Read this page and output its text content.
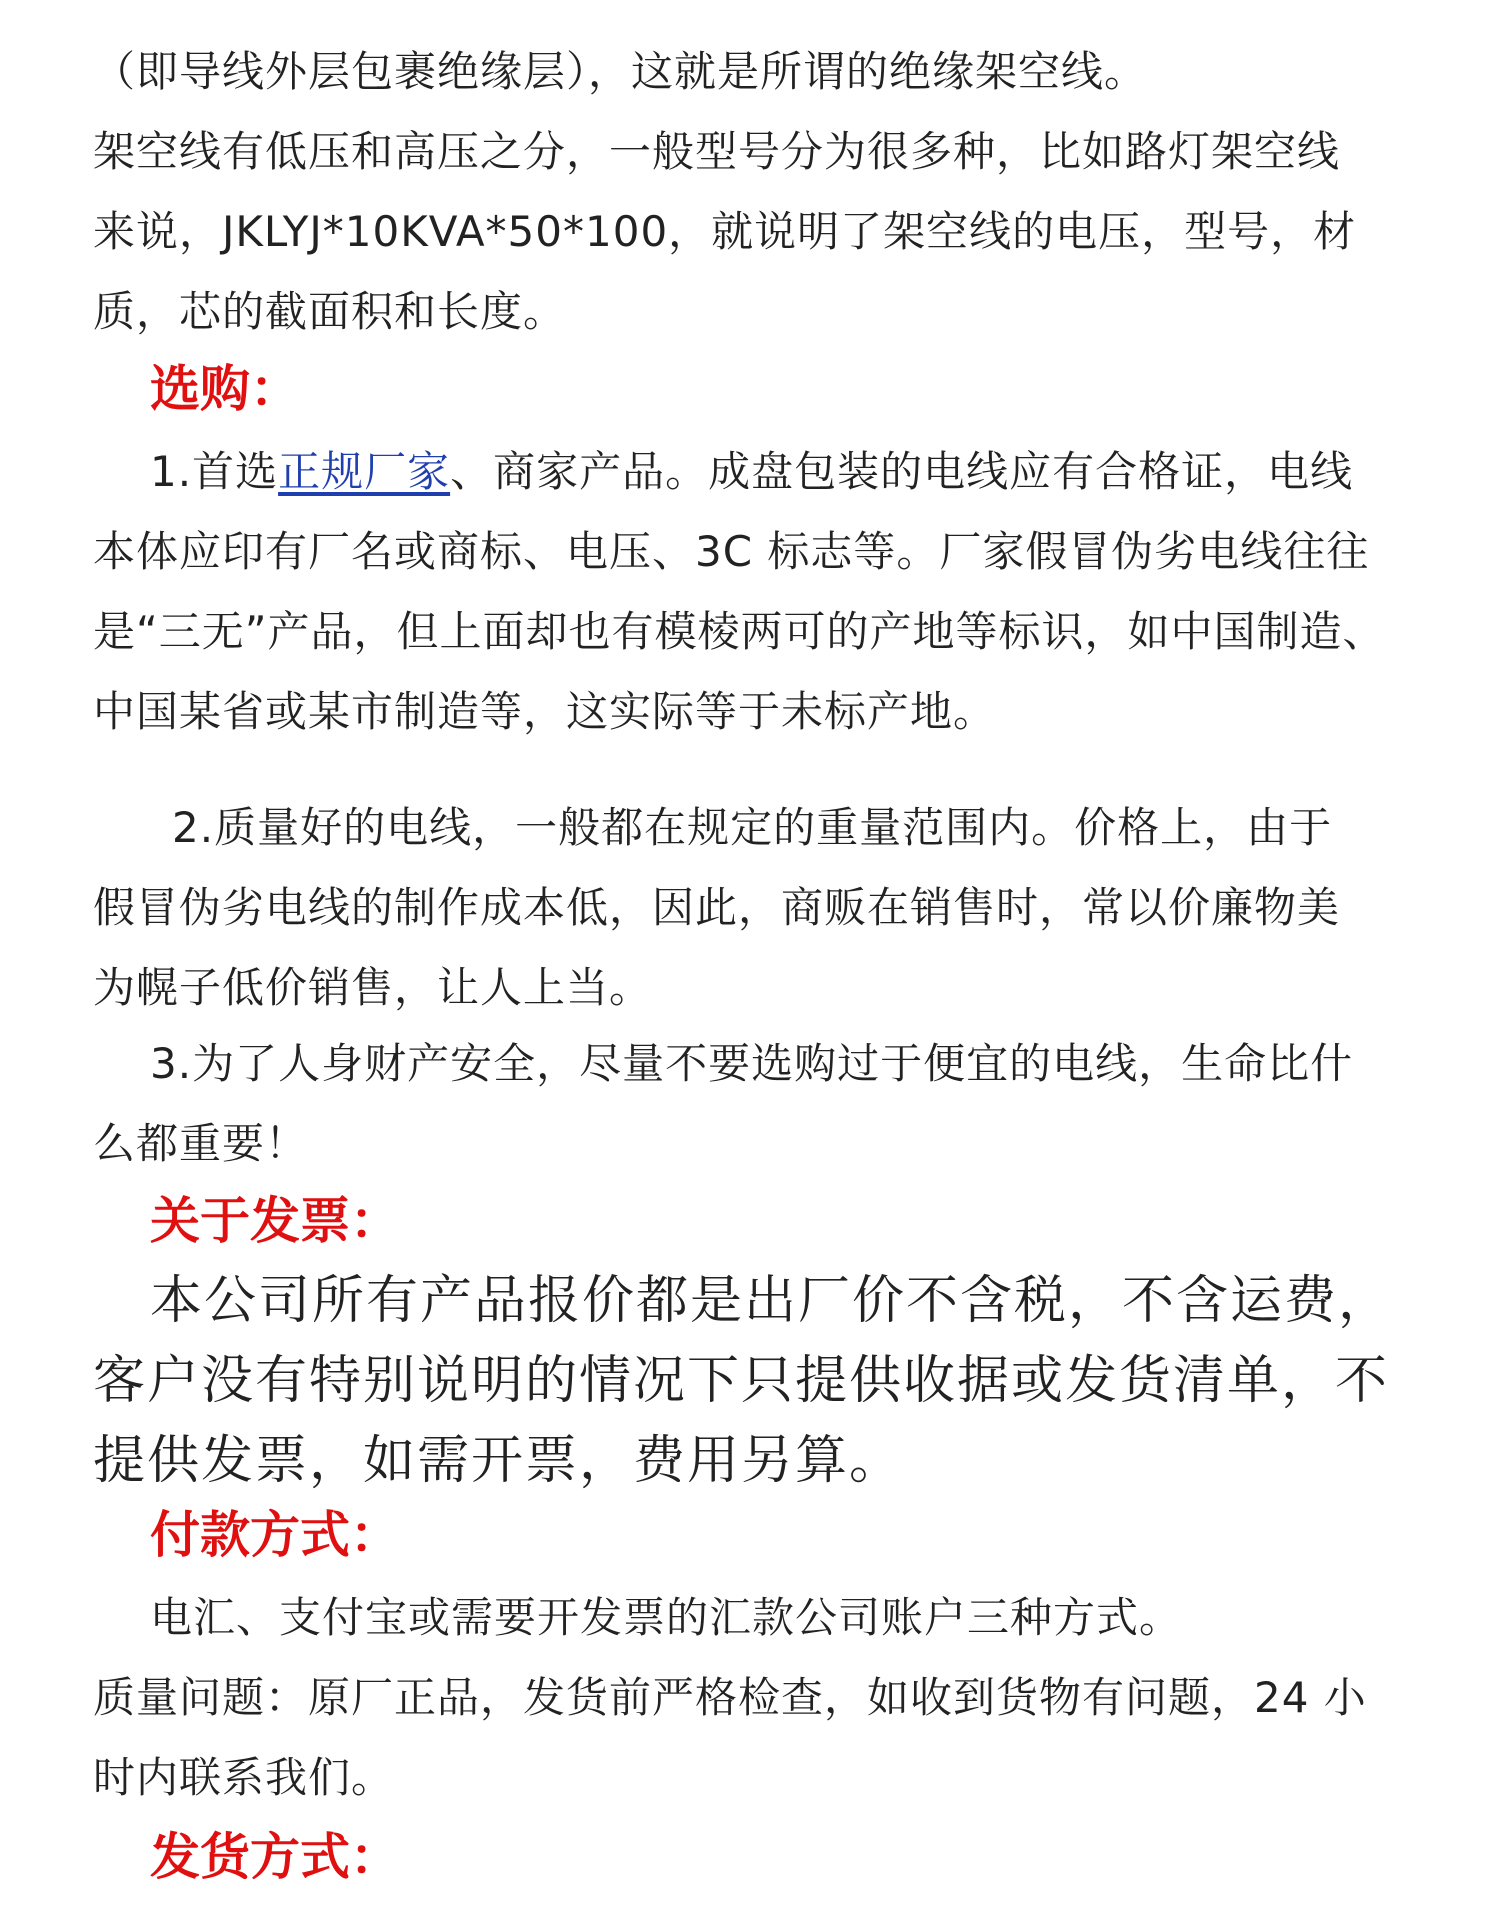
（即导线外层包裹绝缘层），这就是所谓的绝缘架空线。
架空线有低压和高压之分，一般型号分为很多种，比如路灯架空线
来说，JKLYJ*10KVA*50*100，就说明了架空线的电压，型号，材
质，芯的截面积和长度。
选购：
1.首选正规厂家、商家产品。成盘包装的电线应有合格证，电线
本体应印有厂名或商标、电压、3C 标志等。厂家假冒伪劣电线往往
是“三无”产品，但上面却也有模棱两可的产地等标识，如中国制造、
中国某省或某市制造等，这实际等于未标产地。
2.质量好的电线，一般都在规定的重量范围内。价格上，由于
假冒伪劣电线的制作成本低，因此，商贩在销售时，常以价廉物美
为幌子低价销售，让人上当。
3.为了人身财产安全，尽量不要选购过于便宜的电线，生命比什
么都重要！
关于发票：
本公司所有产品报价都是出厂价不含税，不含运费，
客户没有特别说明的情况下只提供收据或发货清单，不
提供发票，如需开票，费用另算。
付款方式：
电汇、支付宝或需要开发票的汇款公司账户三种方式。
质量问题：原厂正品，发货前严格检查，如收到货物有问题，24 小
时内联系我们。
发货方式：
